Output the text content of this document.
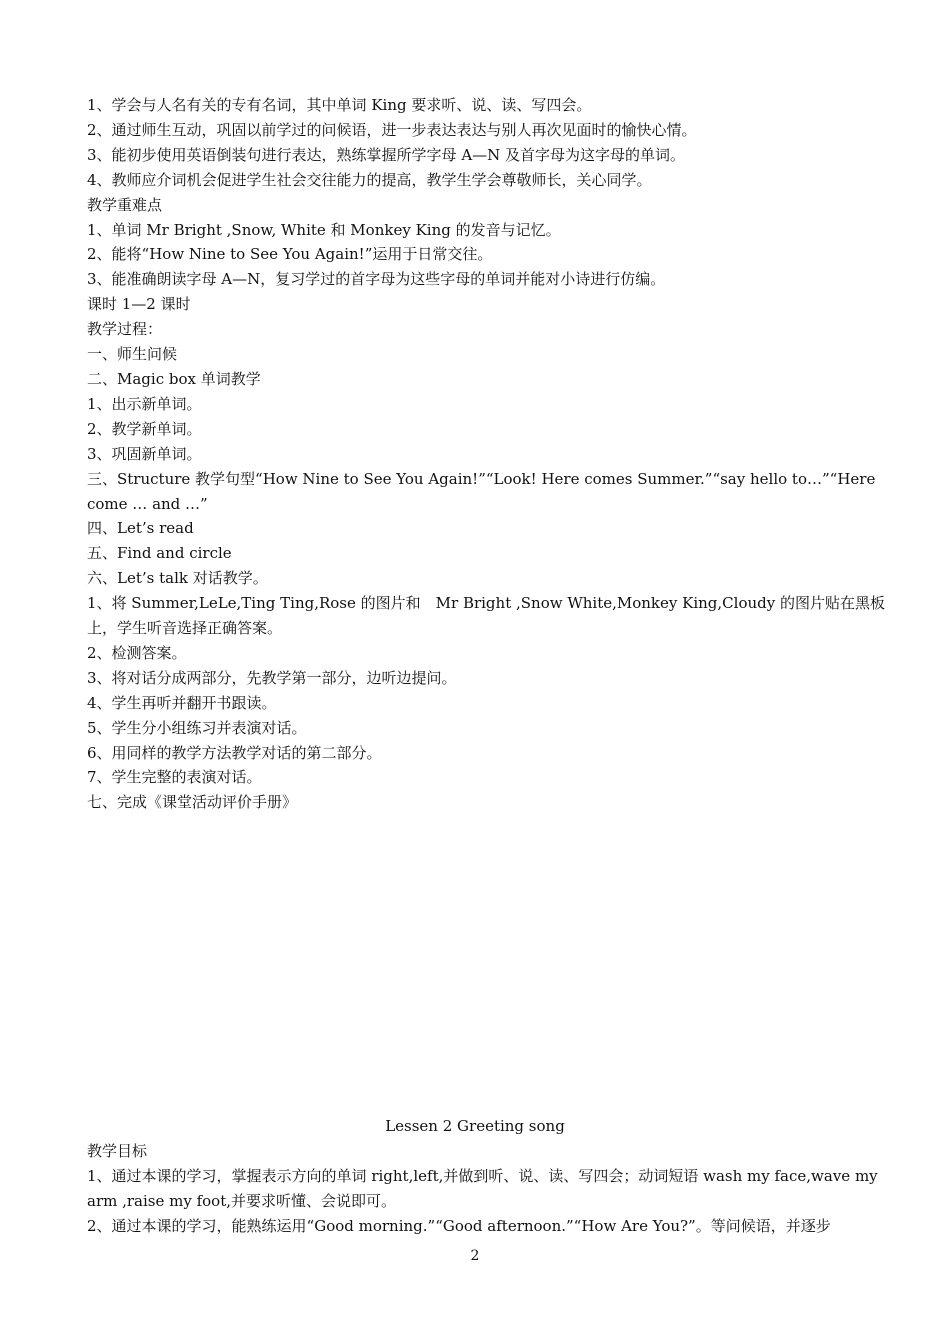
1、学会与人名有关的专有名词，其中单词 King 要求听、说、读、写四会。

2、通过师生互动，巩固以前学过的问候语，进一步表达表达与别人再次见面时的愉快心情。

3、能初步使用英语倒装句进行表达，熟练掌握所学字母 A—N 及首字母为这字母的单词。

4、教师应介词机会促进学生社会交往能力的提高，教学生学会尊敬师长，关心同学。

教学重难点

1、单词 Mr Bright ,Snow, White 和 Monkey King 的发音与记忆。

2、能将“How Nine to See You Again!”运用于日常交往。

3、能准确朗读字母 A—N，复习学过的首字母为这些字母的单词并能对小诗进行仿编。

课时 1—2 课时

教学过程：

一、师生问候

二、Magic box 单词教学

1、出示新单词。

2、教学新单词。

3、巩固新单词。

三、Structure 教学句型“How Nine to See You Again!”“Look! Here comes Summer.”“say hello to…”“Here come … and …”

四、Let’s read

五、Find and circle

六、Let’s talk 对话教学。

1、将 Summer,LeLe,Ting Ting,Rose 的图片和　Mr Bright ,Snow White,Monkey King,Cloudy 的图片贴在黑板上，学生听音选择正确答案。

2、检测答案。

3、将对话分成两部分，先教学第一部分，边听边提问。

4、学生再听并翻开书跟读。

5、学生分小组练习并表演对话。

6、用同样的教学方法教学对话的第二部分。

7、学生完整的表演对话。

七、完成《课堂活动评价手册》

Lessen 2 Greeting song

教学目标

1、通过本课的学习，掌握表示方向的单词 right,left,并做到听、说、读、写四会；动词短语 wash my face,wave my arm ,raise my foot,并要求听懂、会说即可。

2、通过本课的学习，能熟练运用“Good morning.”“Good afternoon.”“How Are You?”。等问候语，并逐步

2
